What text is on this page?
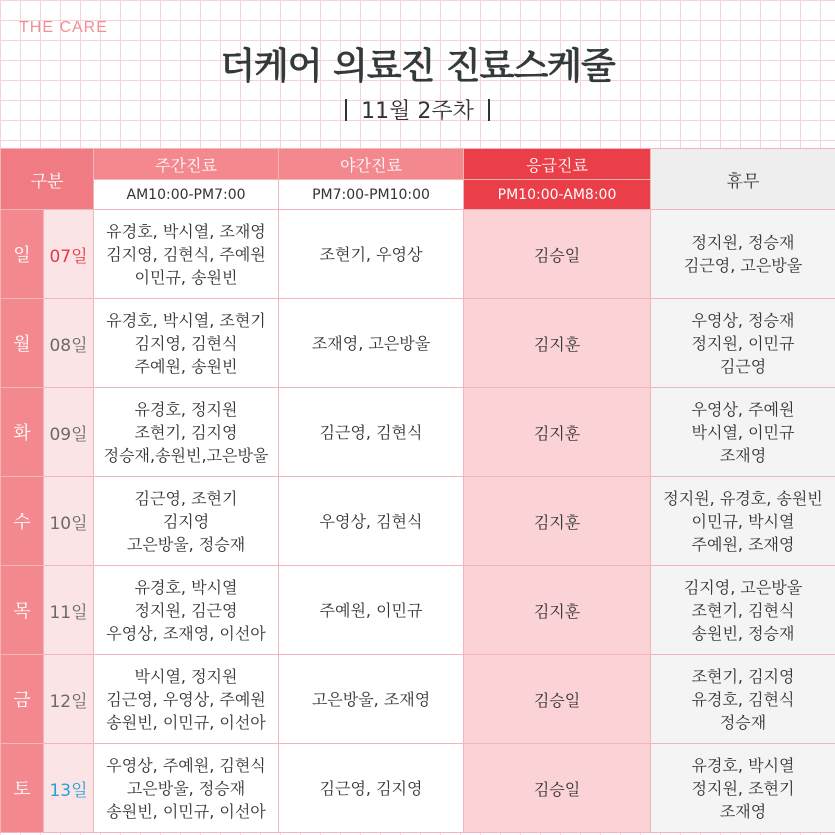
THE CARE
더케어 의료진 진료스케줄
11월 2주차
구분		주간진료	야간진료	응급진료	휴무
		AM10:00-PM7:00	PM7:00-PM10:00	PM10:00-AM8:00	
일	07일	유경호, 박시열, 조재영
김지영, 김현식, 주예원
이민규, 송원빈	조현기, 우영상	김승일	정지원, 정승재
김근영, 고은방울

월	08일	유경호, 박시열, 조현기
김지영, 김현식
주예원, 송원빈	조재영, 고은방울	김지훈	우영상, 정승재
정지원, 이민규
김근영

화	09일	유경호, 정지원
조현기, 김지영
정승재,송원빈,고은방울	김근영, 김현식	김지훈	우영상, 주예원
박시열, 이민규
조재영

수	10일	김근영, 조현기
김지영
고은방울, 정승재	우영상, 김현식	김지훈	정지원, 유경호, 송원빈
이민규, 박시열
주예원, 조재영

목	11일	유경호, 박시열
정지원, 김근영
우영상, 조재영, 이선아	주예원, 이민규	김지훈	김지영, 고은방울
조현기, 김현식
송원빈, 정승재

금	12일	박시열, 정지원
김근영, 우영상, 주예원
송원빈, 이민규, 이선아	고은방울, 조재영	김승일	조현기, 김지영
유경호, 김현식
정승재

토	13일	우영상, 주예원, 김현식
고은방울, 정승재
송원빈, 이민규, 이선아	김근영, 김지영	김승일	유경호, 박시열
정지원, 조현기
조재영
